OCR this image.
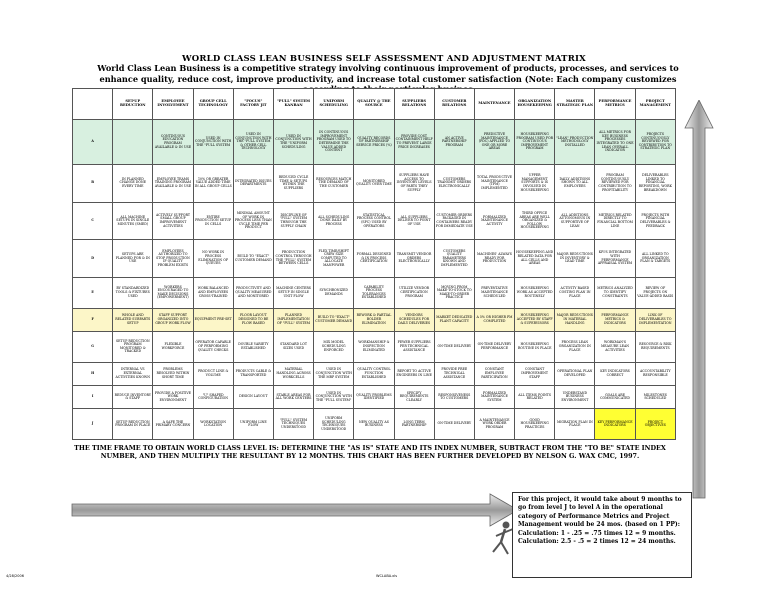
WORLD CLASS LEAN BUSINESS SELF ASSESSMENT AND ADJUSTMENT MATRIX
World Class Lean Business is a competitive strategy involving continuous improvement of products, processes, and services to enhance quality, reduce cost, improve productivity, and increase total customer satisfaction (Note: Each company customizes
	SET-UP REDUCTION	EMPLOYEE INVOLVEMENT	GROUP CELL TECHNOLOGY	"FOCUS" FACTORY JIT	"PULL" SYSTEM KANBAN	UNIFORM SCHEDULING	QUALITY @ THE SOURCE	SUPPLIERS RELATIONS	CUSTOMER RELATIONS	MAINTENANCE	ORGANIZATION HOUSEKEEPING	MASTER STRATEGIC PLAN	PERFORMANCE METRICS	PROJECT MANAGEMENT
A		CONTINUOUS EDUCATION PROGRAM AVAILABLE & IN USE	USED IN CONJUNCTION WITH THE "FULL SYSTEM	USED IN CONJUNCTION WITH THE "FULL SYSTEM & OTHER CELL TECHNOLOGY	USED IN CONJUNCTION WITH THE "UNIFORM SCHEDULING	IN CONTINUOUS IMPROVEMENT PROGRAM USED TO DETERMINE THE VALUE ADDED CONTENT	QUALITY RECORDS OF PARTNERSHIP SERVICE PRICES (%)	PROVIDE COST CONTAINMENT HELP TO PREVENT LARGE PRICE INCREASES	AN ACTIVE PARTNERSHIP PROGRAM	PREDICTIVE MAINTENANCE (PDC) APPLIED TO ONE OR MORE AREAS	HOUSEKEEPING PROGRAM USED FOR CONTINUOUS IMPROVEMENT PROGRAM	"LEAN" PRODUCTION METHODOLOGY INSTALLED	ALL METRICS FOR KEY BUSINESS PROCESSES INTEGRATED TO ONE LEAN OVERALL INDICATOR	PROJECTS CONTINUOUSLY REVIEWED FOR CONTRIBUTION TO STRATEGIC PLAN
B	IN PLANNED CHANGE DONE EVERY TIME	EMPLOYEE TEAMS TRAINING PROGRAM AVAILABLE & IN USE	10% OR GREATER VALUE ADDED TIME IN ALL GROUP CELLS	INTEGRATED ISSUES DEPARTMENTS	REDUCED CYCLE TIME & SETUPS WITHIN THE SUPPLIERS	RESOURCES MATCH THE DEMAND OF THE CUSTOMER	MONITORED QUALITY OVER TIME	SUPPLIERS HAVE ACCESS TO INVENTORY LEVELS OF PARTS THEY SUPPLY	CUSTOMERS TRANSMIT ORDERS ELECTRONICALLY	TOTAL PRODUCTIVE MAINTENANCE (TPM) IMPLEMENTED	UPPER MANAGEMENT SUPPORTS & IS INVOLVED IN HOUSEKEEPING	DAILY ADDITIONS SHOWN TO ALL EMPLOYEES	PROGRAM CONTINUOUSLY REVIEWED FOR CONTRIBUTION TO PROFITABILITY	DELIVERABLES LINKED TO FINANCIAL REPORTING, WORK BREAKDOWN
C	ALL MACHINE SETUPS IN SINGLE MINUTES (SMED)	ACTIVELY SUPPORT SMALL GROUP IMPROVEMENT ACTIVITIES	ENTIRE PRODUCTION SETUP IN CELLS	MINIMAL AMOUNT OF WORK IN PROCESS LESS THAN CYCLE TIME PER PRODUCT	DISCIPLINE OF "PULL" SYSTEM THROUGH THE SUPPLY CHAIN	ALL SCHEDULING DONE DAILY BY PROCESS	STATISTICAL PROCESS CONTROL (SPC) USED BY OPERATORS	ALL SUPPLIERS DELIVER TO POINT OF USE	CUSTOMER ORDERS PACKAGED IN CONTAINERS READY FOR IMMEDIATE USE	FORMALIZED MAINTENANCE ACTIVITY	THIRD OFFICE AREAS ARE WELL ORGANIZED & FOLLOW HOUSEKEEPING	ALL ADDITIONS AUTONOMOUS IN SUPPORTIVE OF LEAN	METRICS RELATED DIRECTLY TO FINANCIAL BOTTOM LINE	PROJECTS WITH FINANCIAL DELIVERABLES & FEEDBACK
D	SETUPS ARE PLANNED FOR & IN USE	EMPLOYEES AUTHORIZED TO STOP PRODUCTION IF QUALITY PROBLEM EXISTS	NO WORK IN PROCESS ELIMINATION OF QUEUES	BUILD TO "EXACT" CUSTOMER DEMAND	PRODUCTION CONTROL THROUGH THE "PULL" SYSTEM BETWEEN CELLS	FLEX TIME/SHIFT CREW SIZE COMPUTED TO ALLOCATE MANPOWER	FORMAL DESIGNED & IN PROCESS CERTIFICATION	TRANSMIT VENDOR ORDERS ELECTRONICALLY	CUSTOMERS QUALITY PARAMETERS KNOWN AND IMPLEMENTED	MACHINES' ALWAYS READY FOR PRODUCTION	HOUSEKEEPING AND RELATED DATA FOR ALL CELLS AND AREAS	MAJOR REDUCTIONS IN INVENTORY & LEAD TIME	KPI'S INTEGRATED WITH PERFORMANCE APPRAISAL SYSTEM	ALL LINKED TO ORGANIZATION PLAN & TARGETS
E	BY STANDARDIZED TOOLS & FIXTURES USED	WORKERS ENCOURAGED TO MAKE DECISIONS (EMPOWERMENT)	WORK BALANCED AND EMPLOYEES CROSS-TRAINED	PRODUCTIVITY AND QUALITY MEASURED AND MONITORED	MACHINE CENTERS SETUP IN SINGLE UNIT FLOW	SYNCHRONIZED DEMANDS	CAPABILITY PROCESS TOLERANCES ESTABLISHED	UTILIZE VENDOR CERTIFICATION PROGRAM	MOVING FROM MAKE-TO-STOCK TO MAKE-TO-ORDER PRACTICE	PREVENTATIVE MAINTENANCE SCHEDULED	HOUSEKEEPING WORK AS ACCEPTED ROUTINELY	ACTIVITY BASED COSTING PLAN IN PLACE	METRICS ANALYZED TO IDENTIFY CONSTRAINTS	REVIEW OF PROJECTS ON VALUE-ADDED BASIS
F	WHOLE AND RELATED SUBPARTS SETUP	STAFF SUPPORT ORGANIZED INTO GROUP WORK FLOW	EQUIPMENT PRE-SET	FLOOR LAYOUT DESIGNED TO BE FLOW BASED	PLANNED IMPLEMENTATION OF "PULL" SYSTEM	BUILD TO "EXACT" CUSTOMER DEMAND	REWORK & PARTIAL BOLDER ELIMINATION	VENDORS SCHEDULES FOR DAILY DELIVERIES	MARKET DEDICATED PLANT CAPACITY	A 5% OR HIGHER PM COMPLETED	HOUSEKEEPING ACCEPTED BY STAFF & SUPERVISORS	MAJOR REDUCTIONS IN MATERIAL HANDLING	PERFORMANCE METRICS & INDICATORS	LINK OF DELIVERABLES TO IMPLEMENTATION
G	SETUP REDUCTION PROGRAM MONITORED & TRACKED	FLEXIBLE WORKFORCE	OPERATOR CAPABLE OF PERFORMING QUALITY CHECKS	DOUBLE VARIETY ESTABLISHED	STANDARD LOT SIZES USED	MIX MODEL SCHEDULING ENFORCED	WORKMANSHIP & INSPECTION ELIMINATED	FEWER SUPPLIERS PER TECHNICAL ASSISTANCE	ON-TIME DELIVERY	ON-TIME DELIVERY PERFORMANCE	HOUSEKEEPING ROUTINE IN PLACE	PROCESS LEAN ORGANIZATION IN PLACE	WORKMAN'S MEASURE LEAN ACTIVITIES	RESOURCE & RISK REQUIREMENTS
H	INTERNAL VS EXTERNAL ACTIVITIES KNOWN	PROBLEMS RESOLVED WITHIN SHORT TIME	PRODUCT LINE & VOLUME	PRODUCTS CABLE & TRANSPORTED	MATERIAL HANDLING ACROSS WORKCELLS	USED IN CONJUNCTION WITH THE MRP SYSTEM	QUALITY CONTROL FUNCTION ESTABLISHED	REPORT TO ACTIVE ENGINEERS IN LINE	PROVIDE FREE TECHNICAL ASSISTANCE	CONSTANT EMPLOYEE PARTICIPATION	CONSTANT IMPROVEMENT STAFF	OPERATIONAL PLAN DEVELOPED	KEY INDICATORS CORRECT	ACCOUNTABILITY RESPONSIBLE
I	REDUCE INVENTORY & STAFF	PROVIDE A POSITIVE WORK ENVIRONMENT	"U" SHAPED CONFIGURATION	DESIGN LAYOUT	STABLE AREAS FOR ALL WORK CENTERS	USED IN CONJUNCTION WITH THE "PULL SYSTEM"	QUALITY PROBLEMS IDENTIFIED	SPECIFY REQUIREMENTS CLEARLY	RESPONSIVENESS TO CUSTOMERS	FORMALIZED MAINTENANCE SYSTEM	ALL ITEMS POINTS RELATED	UNDERSTAND BUSINESS ENVIRONMENT	GOALS ARE COMMUNICATED	MILESTONES SCHEDULED
J	SETUP REDUCTION PROGRAM IN PLACE	A SAFE THE PRIMARY CONCERN	WORKSTATION LOCATION	UNIFORM LINE FLOW	"PULL" SYSTEM TECHNIQUES UNDERSTOOD	UNIFORM SCHEDULING TECHNIQUES UNDERSTOOD	NEW QUALITY AS BUSINESS	LONG TERM PARTNERSHIP	ON-TIME DELIVERY	A MAINTENANCE WORK ORDER PROGRAM	GOOD HOUSEKEEPING PRACTICES	MIGRATION PLAN IN PLACE	KEY PERFORMANCE INDICATORS	PROJECT OBJECTIVES
THE TIME FRAME TO OBTAIN WORLD CLASS LEVEL IS: DETERMINE THE "AS IS" STATE AND ITS INDEX NUMBER, SUBTRACT FROM THE "TO BE" STATE INDEX NUMBER, AND THEN MULTIPLY THE RESULTANT BY 12 MONTHS. THIS CHART HAS BEEN FURTHER DEVELOPED BY NELSON G. WAX CMC, 1997.
For this project, it would take about 9 months to go from level J to level A in the operational category of Performance Metrics and Project Management would be 24 mos. (based on 1 PP):
Calculation: 1 - .25 = .75 times 12 = 9 months.
Calculation: 2.5 - .5 = 2 times 12 = 24 months.
4/28/2006	WCLABA.xls
